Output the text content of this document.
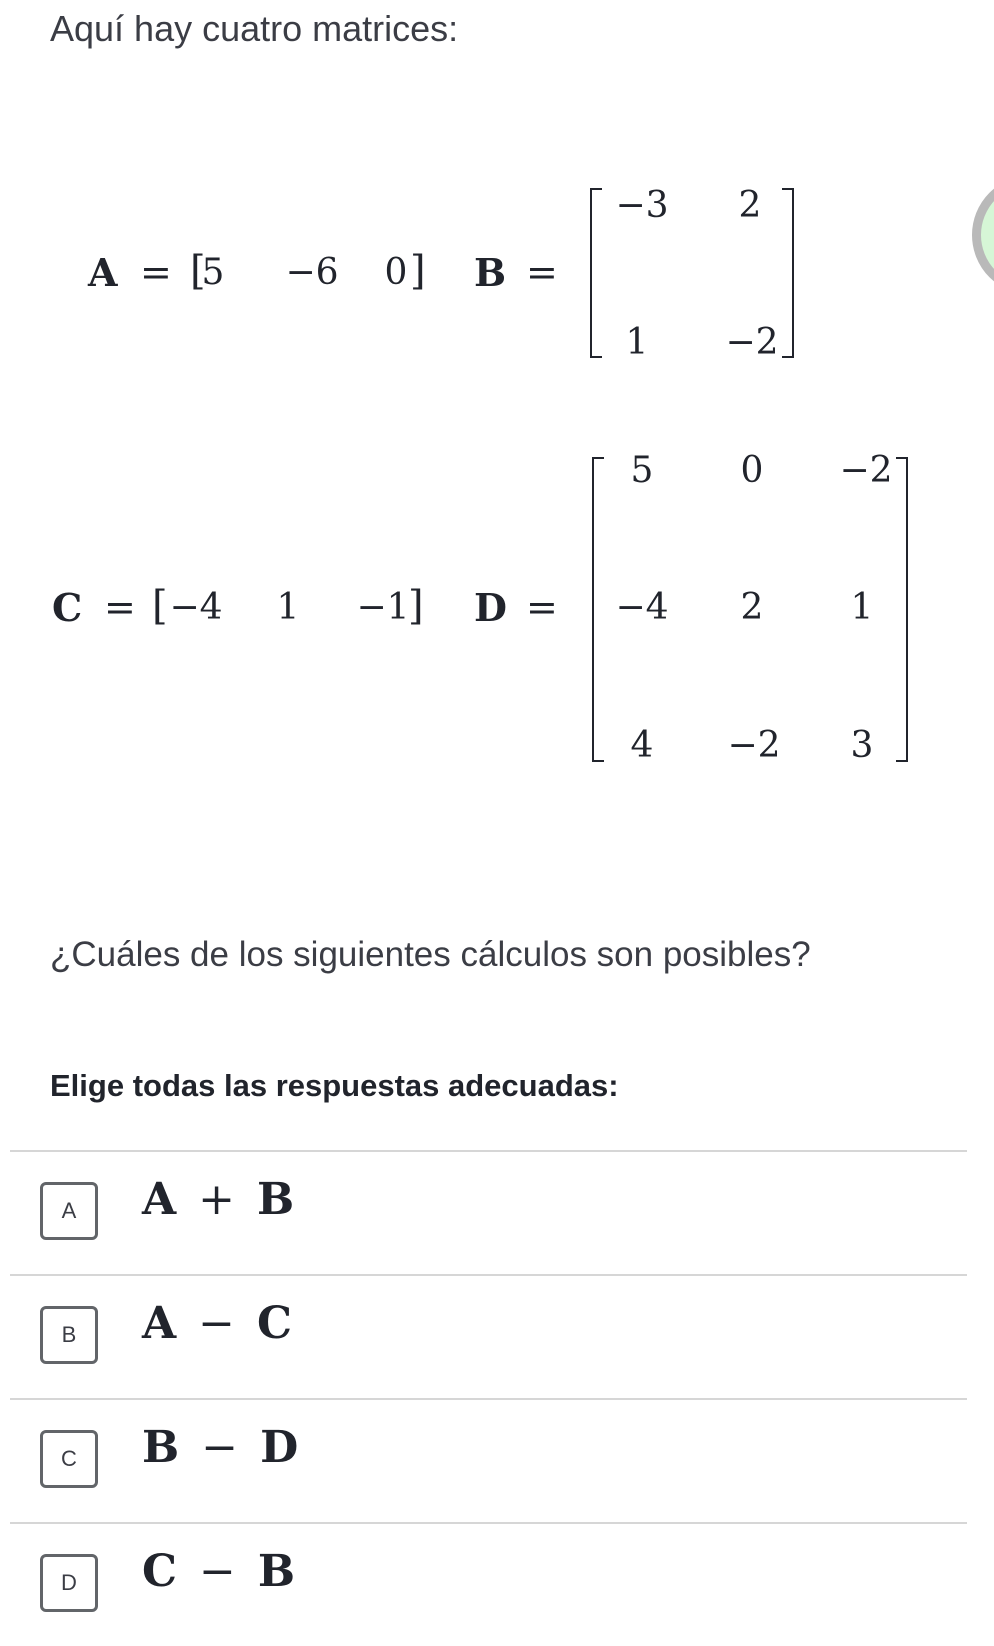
Aquí hay cuatro matrices:
A = [
5	−6	0 ] B =
−3	2
1	−2
C = [ −4	1	−1
] D =
5	0	−2
−4	2	1
4	−2	3
¿Cuáles de los siguientes cálculos son posibles?
Elige todas las respuestas adecuadas:
A	A + B
B	A − C
C	B − D
D	C − B
